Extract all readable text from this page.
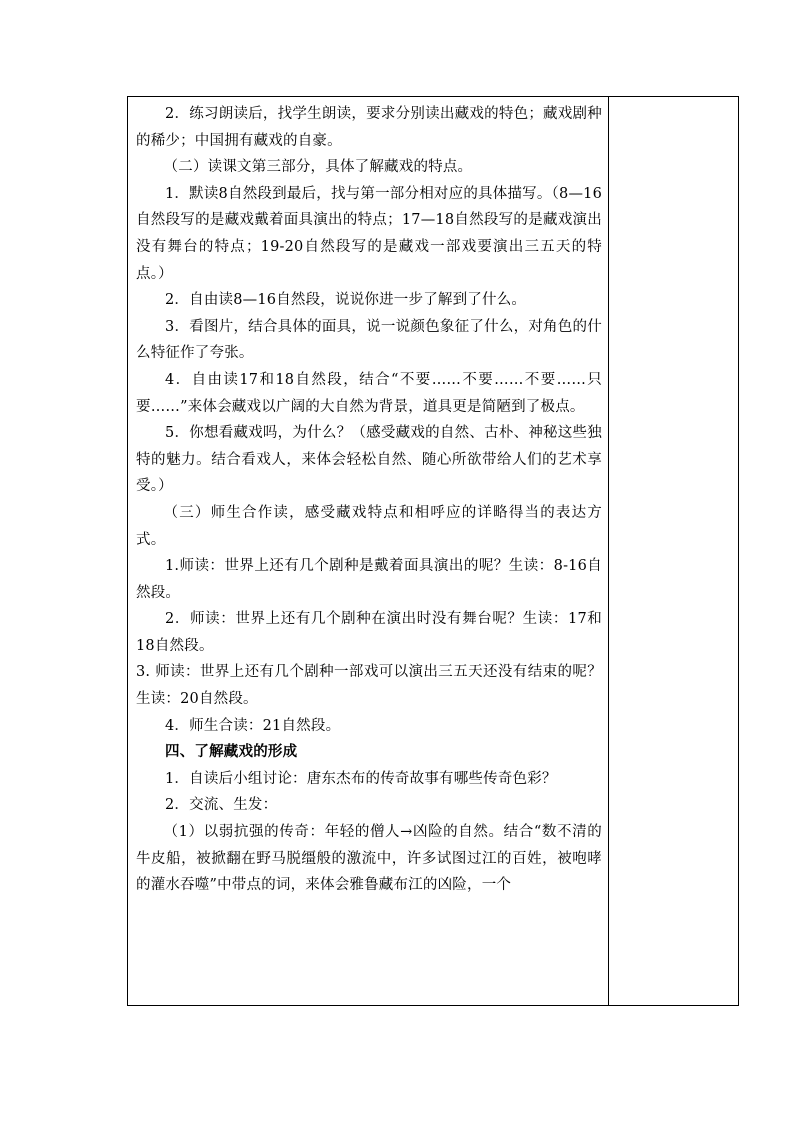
2．练习朗读后，找学生朗读，要求分别读出藏戏的特色；藏戏剧种的稀少；中国拥有藏戏的自豪。

（二）读课文第三部分，具体了解藏戏的特点。

1．默读8自然段到最后，找与第一部分相对应的具体描写。（8—16自然段写的是藏戏戴着面具演出的特点；17—18自然段写的是藏戏演出没有舞台的特点；19-20自然段写的是藏戏一部戏要演出三五天的特点。）

2．自由读8—16自然段，说说你进一步了解到了什么。

3．看图片，结合具体的面具，说一说颜色象征了什么，对角色的什么特征作了夸张。

4．自由读17和18自然段，结合“不要……不要……不要……只要……”来体会藏戏以广阔的大自然为背景，道具更是简陋到了极点。

5．你想看藏戏吗，为什么？（感受藏戏的自然、古朴、神秘这些独特的魅力。结合看戏人，来体会轻松自然、随心所欲带给人们的艺术享受。）

（三）师生合作读，感受藏戏特点和相呼应的详略得当的表达方式。

1.师读：世界上还有几个剧种是戴着面具演出的呢？生读：8-16自然段。

2．师读：世界上还有几个剧种在演出时没有舞台呢？生读：17和18自然段。

3. 师读：世界上还有几个剧种一部戏可以演出三五天还没有结束的呢？生读：20自然段。

4．师生合读：21自然段。

四、了解藏戏的形成

1．自读后小组讨论：唐东杰布的传奇故事有哪些传奇色彩？

2．交流、生发：

（1）以弱抗强的传奇：年轻的僧人→凶险的自然。结合“数不清的牛皮船，被掀翻在野马脱缰般的激流中，许多试图过江的百姓，被咆哮的灌水吞噬”中带点的词，来体会雅鲁藏布江的凶险，一个
